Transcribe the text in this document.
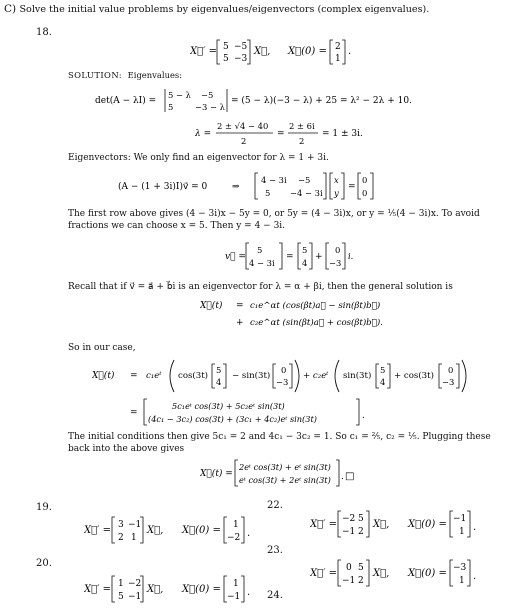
C) Solve the initial value problems by eigenvalues/eigenvectors (complex eigenvalues).
18.
X⃗′ = 5 −5
5 −3
X⃗, X⃗(0) = 2
1
.
SOLUTION: Eigenvalues:
det(A − λI) =
5 − λ −5
5	−3 − λ
= (5 − λ)(−3 − λ) + 25 = λ² − 2λ + 10.
λ =
2 ± √4 − 40
2
=
2 ± 6i
2
= 1 ± 3i.
Eigenvectors: We only find an eigenvector for λ = 1 + 3i.
(A − (1 + 3i)I)v⃗ = 0	⇒
4 − 3i −5
5 −4 − 3i
x
y
=
0
0
The first row above gives (4 − 3i)x − 5y = 0, or 5y = (4 − 3i)x, or y = ⅕(4 − 3i)x. To avoid
fractions we can choose x = 5. Then y = 4 − 3i.
v⃗ =
5
4 − 3i
=
5
4
+
0
−3
i.
Recall that if v⃗ = a⃗ + b⃗i is an eigenvector for λ = α + βi, then the general solution is
X⃗(t) = c₁e^αt (cos(βt)a⃗ − sin(βt)b⃗)
+ c₂e^αt (sin(βt)a⃗ + cos(βt)b⃗).
So in our case,
X⃗(t) = c₁eᵗ cos(3t)
5
4
− sin(3t)
0
−3
+ c₂eᵗ sin(3t)
5
4
+ cos(3t)
0
−3
=
5c₁eᵗ cos(3t) + 5c₂eᵗ sin(3t)
(4c₁ − 3c₂) cos(3t) + (3c₁ + 4c₂)eᵗ sin(3t)	.
The initial conditions then give 5c₁ = 2 and 4c₁ − 3c₂ = 1. So c₁ = ⅖, c₂ = ⅕. Plugging these
back into the above gives
X⃗(t) =
2eᵗ cos(3t) + eᵗ sin(3t)
eᵗ cos(3t) + 2eᵗ sin(3t) . □
19.
X⃗′ = 3 −1
2 1
X⃗, X⃗(0) = 1
−2 .
20.
X⃗′ = 1 −2
5 −1
X⃗, X⃗(0) = 1
−1 .
22.
X⃗′ = −2 5
−1 2
X⃗, X⃗(0) = −1
1 .
23.
X⃗′ = 0 5
−1 2
X⃗, X⃗(0) = −3
1 .
24.
